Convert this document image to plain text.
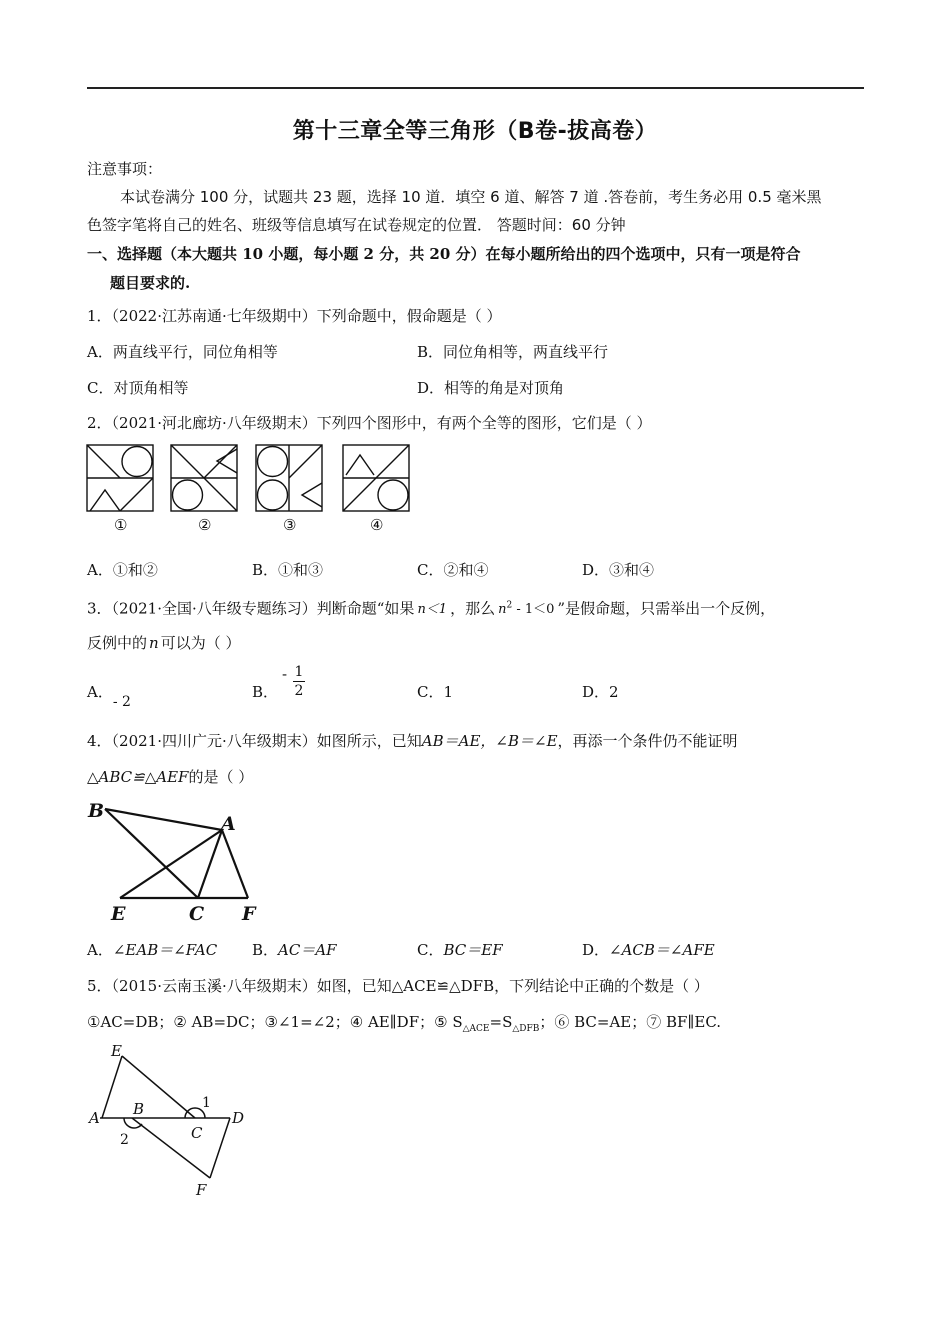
第十三章全等三角形（B卷-拔高卷）
注意事项：
本试卷满分 100 分，试题共 23 题，选择 10 道．填空 6 道、解答 7 道 .答卷前，考生务必用 0.5 毫米黑
色签字笔将自己的姓名、班级等信息填写在试卷规定的位置． 答题时间：60 分钟
一、选择题（本大题共 10 小题，每小题 2 分，共 20 分）在每小题所给出的四个选项中，只有一项是符合
题目要求的.
1．（2022·江苏南通·七年级期中）下列命题中，假命题是（ ）
A．两直线平行，同位角相等	B．同位角相等，两直线平行
C．对顶角相等	D．相等的角是对顶角
2．（2021·河北廊坊·八年级期末）下列四个图形中，有两个全等的图形，它们是（ ）
①	②	③	④
A．①和②	B．①和③	C．②和④	D．③和④
3．（2021·全国·八年级专题练习）判断命题“如果 n＜1 ，那么 $n^2 - 1<0$ ”是假命题，只需举出一个反例，
反例中的 n 可以为（ ）
A．- 2
B．
- 1
2	C．1	D．2
4．（2021·四川广元·八年级期末）如图所示，已知AB＝AE，∠B＝∠E，再添一个条件仍不能证明
△ABC≌△AEF的是（ ）
B
A
E	C F
A．∠EAB＝∠FAC B．AC＝AF	C．BC＝EF	D．∠ACB＝∠AFE
5．（2015·云南玉溪·八年级期末）如图，已知△ACE≌△DFB，下列结论中正确的个数是（ ）
①AC=DB；② AB=DC；③∠1=∠2；④ AE∥DF；⑤ $S_{\triangle ACE}=S_{\triangle DFB}$；⑥ BC=AE；⑦ BF∥EC.
E
A B
C
D
F
1
2
